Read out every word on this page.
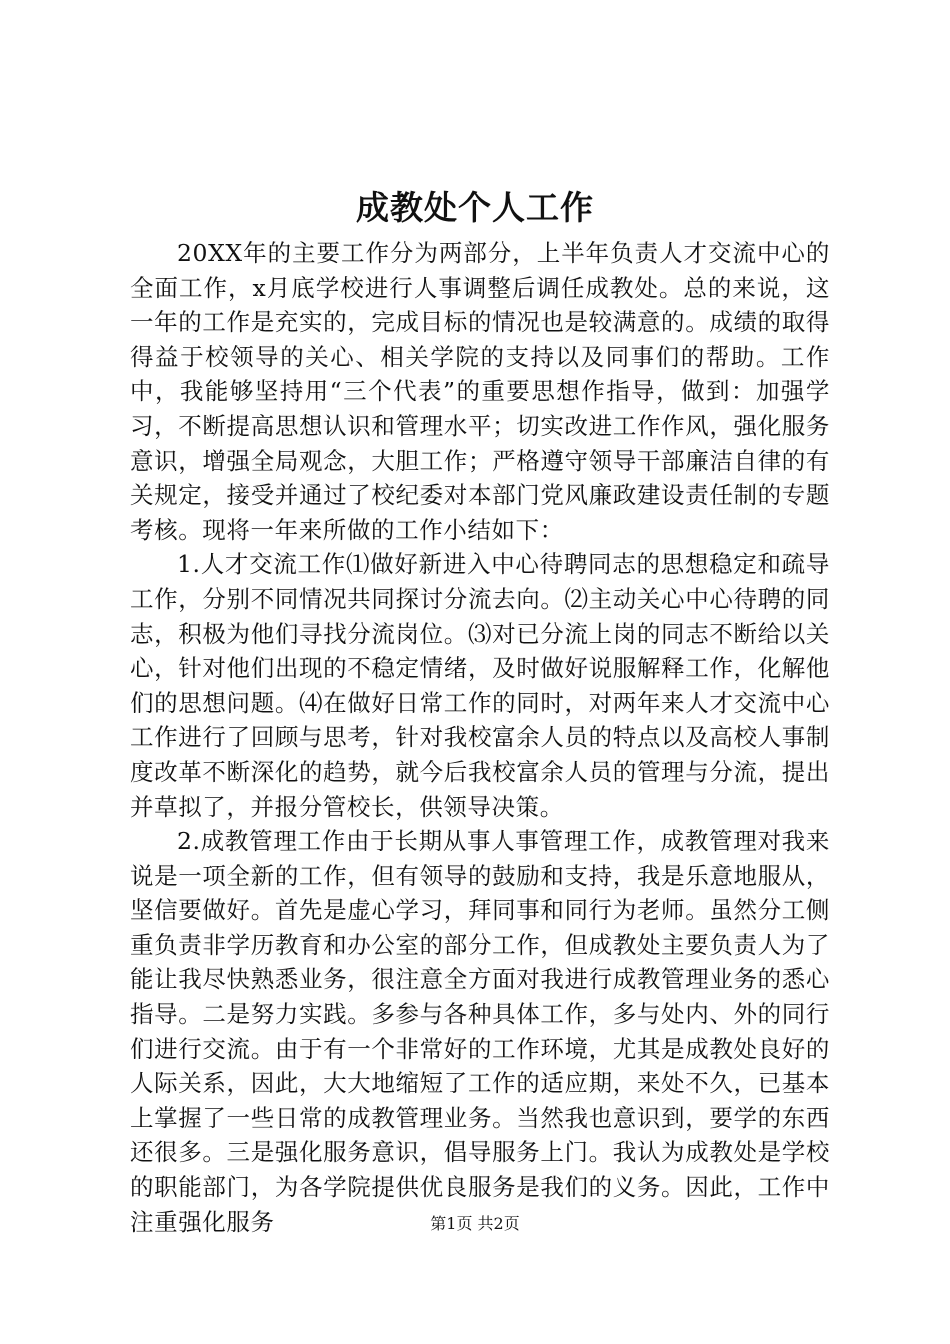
成教处个人工作

20XX年的主要工作分为两部分，上半年负责人才交流中心的全面工作，x月底学校进行人事调整后调任成教处。总的来说，这一年的工作是充实的，完成目标的情况也是较满意的。成绩的取得得益于校领导的关心、相关学院的支持以及同事们的帮助。工作中，我能够坚持用“三个代表”的重要思想作指导，做到：加强学习，不断提高思想认识和管理水平；切实改进工作作风，强化服务意识，增强全局观念，大胆工作；严格遵守领导干部廉洁自律的有关规定，接受并通过了校纪委对本部门党风廉政建设责任制的专题考核。现将一年来所做的工作小结如下：

1.人才交流工作⑴做好新进入中心待聘同志的思想稳定和疏导工作，分别不同情况共同探讨分流去向。⑵主动关心中心待聘的同志，积极为他们寻找分流岗位。⑶对已分流上岗的同志不断给以关心，针对他们出现的不稳定情绪，及时做好说服解释工作，化解他们的思想问题。⑷在做好日常工作的同时，对两年来人才交流中心工作进行了回顾与思考，针对我校富余人员的特点以及高校人事制度改革不断深化的趋势，就今后我校富余人员的管理与分流，提出并草拟了，并报分管校长，供领导决策。

2.成教管理工作由于长期从事人事管理工作，成教管理对我来说是一项全新的工作，但有领导的鼓励和支持，我是乐意地服从，坚信要做好。首先是虚心学习，拜同事和同行为老师。虽然分工侧重负责非学历教育和办公室的部分工作，但成教处主要负责人为了能让我尽快熟悉业务，很注意全方面对我进行成教管理业务的悉心指导。二是努力实践。多参与各种具体工作，多与处内、外的同行们进行交流。由于有一个非常好的工作环境，尤其是成教处良好的人际关系，因此，大大地缩短了工作的适应期，来处不久，已基本上掌握了一些日常的成教管理业务。当然我也意识到，要学的东西还很多。三是强化服务意识，倡导服务上门。我认为成教处是学校的职能部门，为各学院提供优良服务是我们的义务。因此，工作中注重强化服务	第1页 共2页
